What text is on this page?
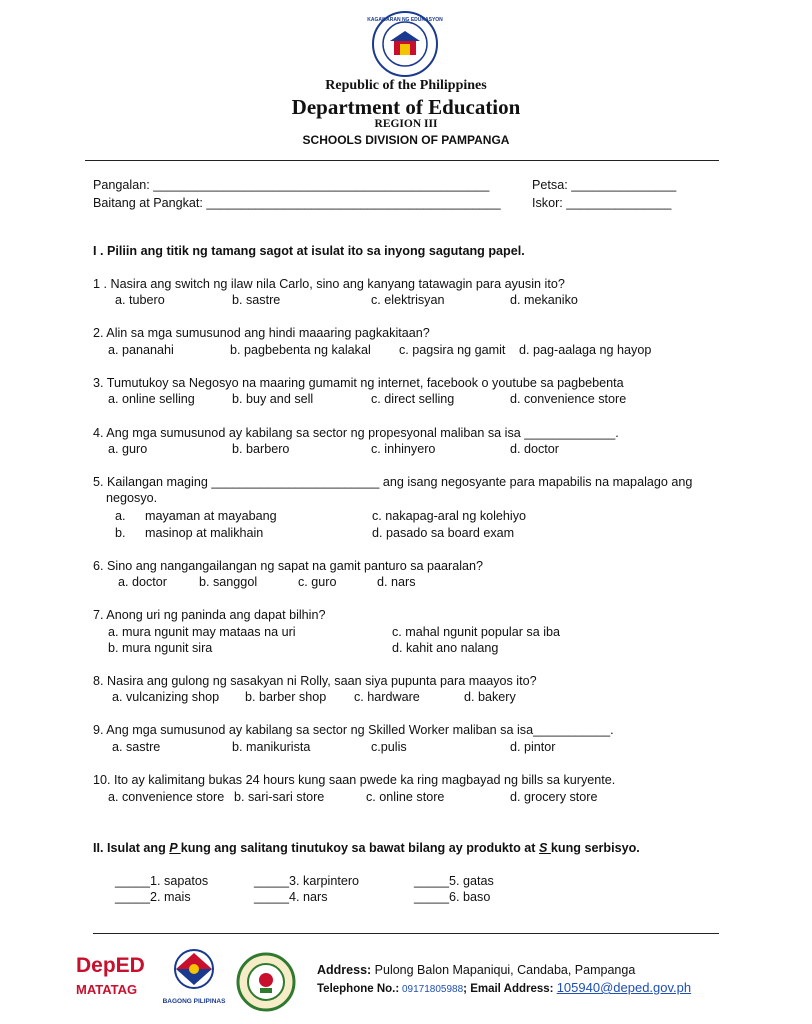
KAGAWARAN NG EDUKASYON
Republic of the Philippines
Department of Education
REGION III
SCHOOLS DIVISION OF PAMPANGA
Pangalan: ________________________________________________
Baitang at Pangkat: __________________________________________
Petsa: _______________
Iskor: _______________
I . Piliin ang titik ng tamang sagot at isulat ito sa inyong sagutang papel.
1 . Nasira ang switch ng ilaw nila Carlo, sino ang kanyang tatawagin para ayusin ito?
a. tubero	b. sastre	c. elektrisyan	d. mekaniko
2. Alin sa mga sumusunod ang hindi maaaring pagkakitaan?
a. pananahi	b. pagbebenta ng kalakal c. pagsira ng gamit d. pag-aalaga ng hayop
3. Tumutukoy sa Negosyo na maaring gumamit ng internet, facebook o youtube sa pagbebenta
a. online selling	b. buy and sell	c. direct selling	d. convenience store
4. Ang mga sumusunod ay kabilang sa sector ng propesyonal maliban sa isa _____________.
a. guro	b. barbero	c. inhinyero	d. doctor
5. Kailangan maging ________________________ ang isang negosyante para mapabilis na mapalago ang
negosyo.
a. mayaman at mayabang
b. masinop at malikhain
c. nakapag-aral ng kolehiyo
d. pasado sa board exam
6. Sino ang nangangailangan ng sapat na gamit panturo sa paaralan?
a. doctor	b. sanggol	c. guro	d. nars
7. Anong uri ng paninda ang dapat bilhin?
a. mura ngunit may mataas na uri
b. mura ngunit sira
c. mahal ngunit popular sa iba
d. kahit ano nalang
8. Nasira ang gulong ng sasakyan ni Rolly, saan siya pupunta para maayos ito?
a. vulcanizing shop b. barber shop c. hardware	d. bakery
9. Ang mga sumusunod ay kabilang sa sector ng Skilled Worker maliban sa isa___________.
a. sastre	b. manikurista	c.pulis	d. pintor
10. Ito ay kalimitang bukas 24 hours kung saan pwede ka ring magbayad ng bills sa kuryente.
a. convenience store b. sari-sari store	c. online store	d. grocery store
II. Isulat ang P kung ang salitang tinutukoy sa bawat bilang ay produkto at S kung serbisyo.
_____1. sapatos
_____2. mais
_____3. karpintero
_____4. nars
_____5. gatas
_____6. baso
DepED
MATATAG
BAGONG PILIPINAS
Address: Pulong Balon Mapaniqui, Candaba, Pampanga
Telephone No.: 09171805988; Email Address: 105940@deped.gov.ph
